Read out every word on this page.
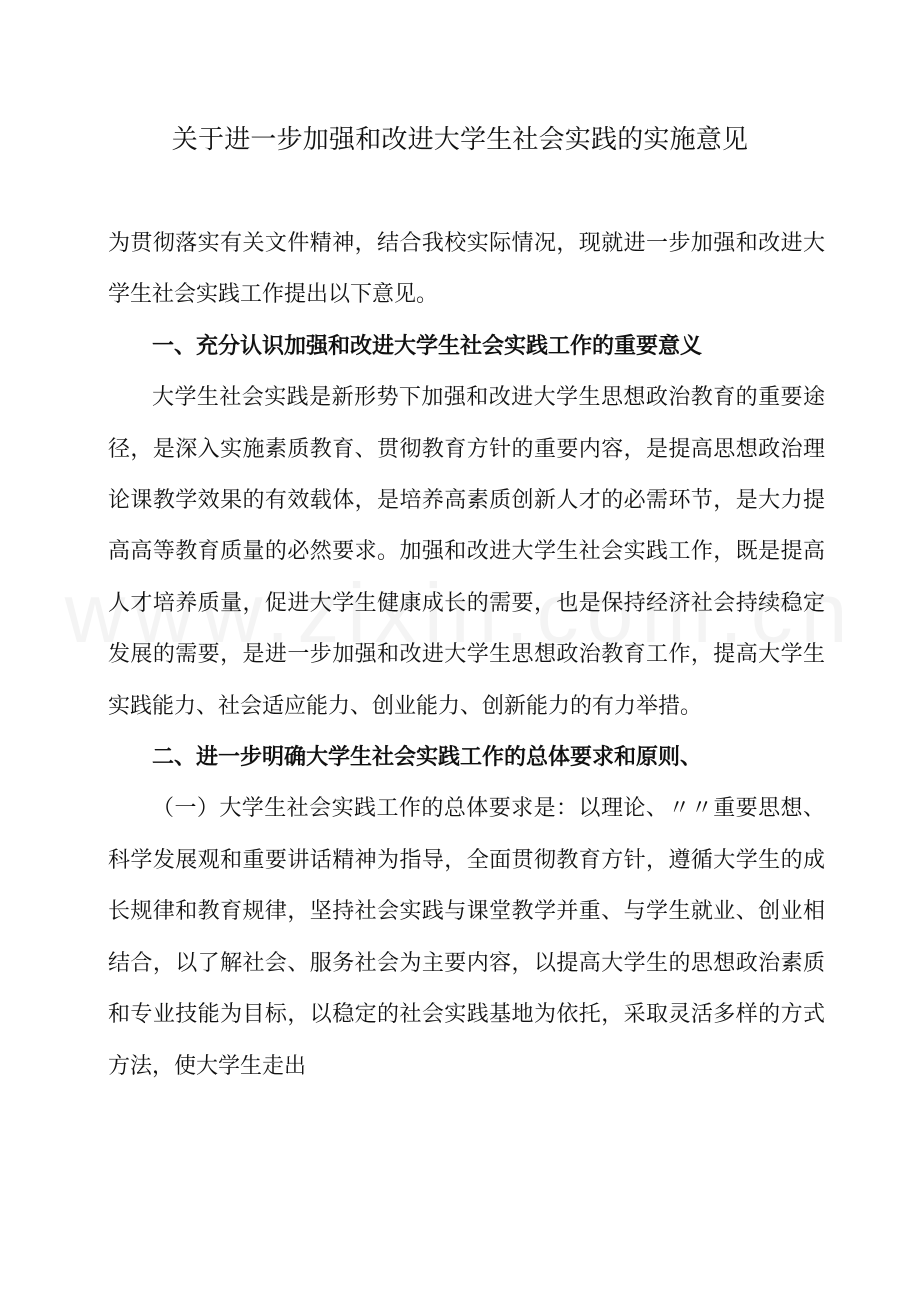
关于进一步加强和改进大学生社会实践的实施意见

为贯彻落实有关文件精神，结合我校实际情况，现就进一步加强和改进大学生社会实践工作提出以下意见。

一、充分认识加强和改进大学生社会实践工作的重要意义

大学生社会实践是新形势下加强和改进大学生思想政治教育的重要途径，是深入实施素质教育、贯彻教育方针的重要内容，是提高思想政治理论课教学效果的有效载体，是培养高素质创新人才的必需环节，是大力提高高等教育质量的必然要求。加强和改进大学生社会实践工作，既是提高人才培养质量，促进大学生健康成长的需要，也是保持经济社会持续稳定发展的需要，是进一步加强和改进大学生思想政治教育工作，提高大学生实践能力、社会适应能力、创业能力、创新能力的有力举措。

二、进一步明确大学生社会实践工作的总体要求和原则、

（一）大学生社会实践工作的总体要求是：以理论、〃〃重要思想、科学发展观和重要讲话精神为指导，全面贯彻教育方针，遵循大学生的成长规律和教育规律，坚持社会实践与课堂教学并重、与学生就业、创业相结合，以了解社会、服务社会为主要内容，以提高大学生的思想政治素质和专业技能为目标，以稳定的社会实践基地为依托，采取灵活多样的方式方法，使大学生走出
